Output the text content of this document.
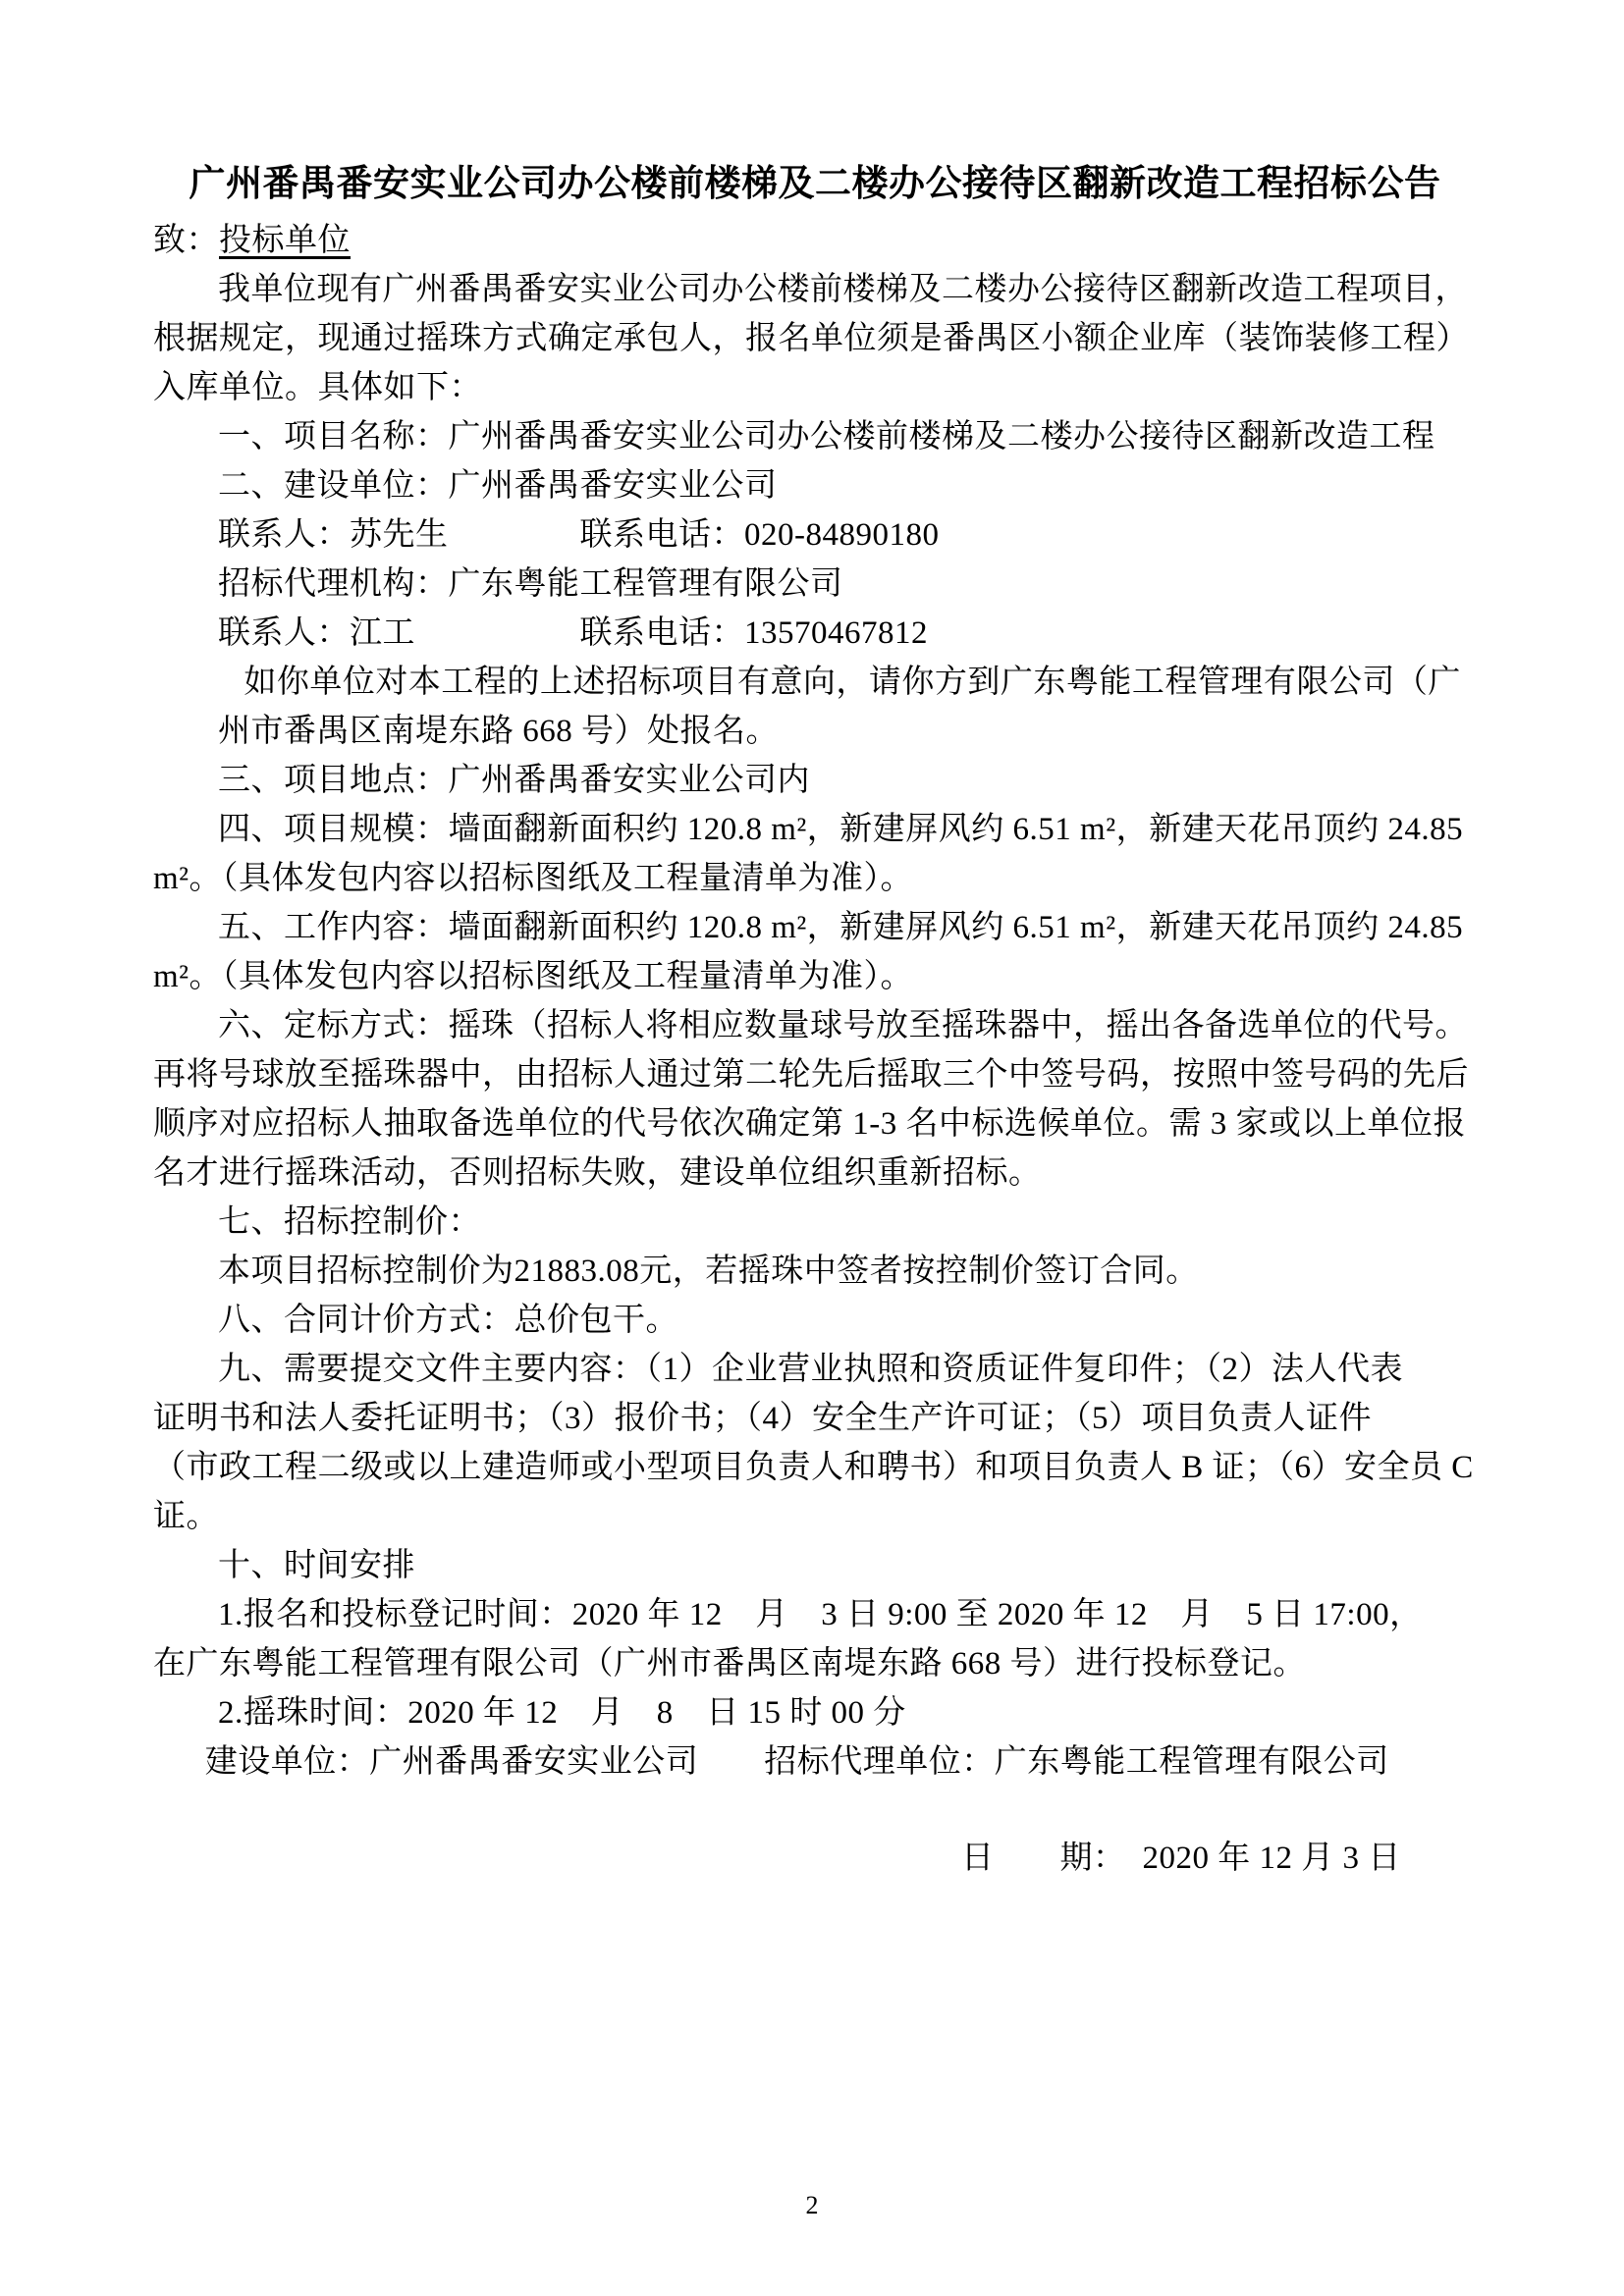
广州番禺番安实业公司办公楼前楼梯及二楼办公接待区翻新改造工程招标公告
致：投标单位
我单位现有广州番禺番安实业公司办公楼前楼梯及二楼办公接待区翻新改造工程项目，
根据规定，现通过摇珠方式确定承包人，报名单位须是番禺区小额企业库（装饰装修工程）
入库单位。具体如下：
一、项目名称：广州番禺番安实业公司办公楼前楼梯及二楼办公接待区翻新改造工程
二、建设单位：广州番禺番安实业公司
联系人：苏先生　　　　联系电话：020-84890180
招标代理机构：广东粤能工程管理有限公司
联系人：江工　　　　　联系电话：13570467812
如你单位对本工程的上述招标项目有意向，请你方到广东粤能工程管理有限公司（广
州市番禺区南堤东路 668 号）处报名。
三、项目地点：广州番禺番安实业公司内
四、项目规模：墙面翻新面积约 120.8 m²，新建屏风约 6.51 m²，新建天花吊顶约 24.85
m²。（具体发包内容以招标图纸及工程量清单为准）。
五、工作内容：墙面翻新面积约 120.8 m²，新建屏风约 6.51 m²，新建天花吊顶约 24.85
m²。（具体发包内容以招标图纸及工程量清单为准）。
六、定标方式：摇珠（招标人将相应数量球号放至摇珠器中，摇出各备选单位的代号。
再将号球放至摇珠器中，由招标人通过第二轮先后摇取三个中签号码，按照中签号码的先后
顺序对应招标人抽取备选单位的代号依次确定第 1-3 名中标选候单位。需 3 家或以上单位报
名才进行摇珠活动，否则招标失败，建设单位组织重新招标。
七、招标控制价：
本项目招标控制价为21883.08元，若摇珠中签者按控制价签订合同。
八、合同计价方式：总价包干。
九、需要提交文件主要内容：（1）企业营业执照和资质证件复印件；（2）法人代表
证明书和法人委托证明书；（3）报价书；（4）安全生产许可证；（5）项目负责人证件
（市政工程二级或以上建造师或小型项目负责人和聘书）和项目负责人 B 证；（6）安全员 C
证。
十、时间安排
1.报名和投标登记时间：2020 年 12　月　3 日 9:00 至 2020 年 12　月　5 日 17:00，
在广东粤能工程管理有限公司（广州市番禺区南堤东路 668 号）进行投标登记。
2.摇珠时间：2020 年 12　月　8　日 15 时 00 分
建设单位：广州番禺番安实业公司　　招标代理单位：广东粤能工程管理有限公司
日　　期：　2020 年 12 月 3 日
2
